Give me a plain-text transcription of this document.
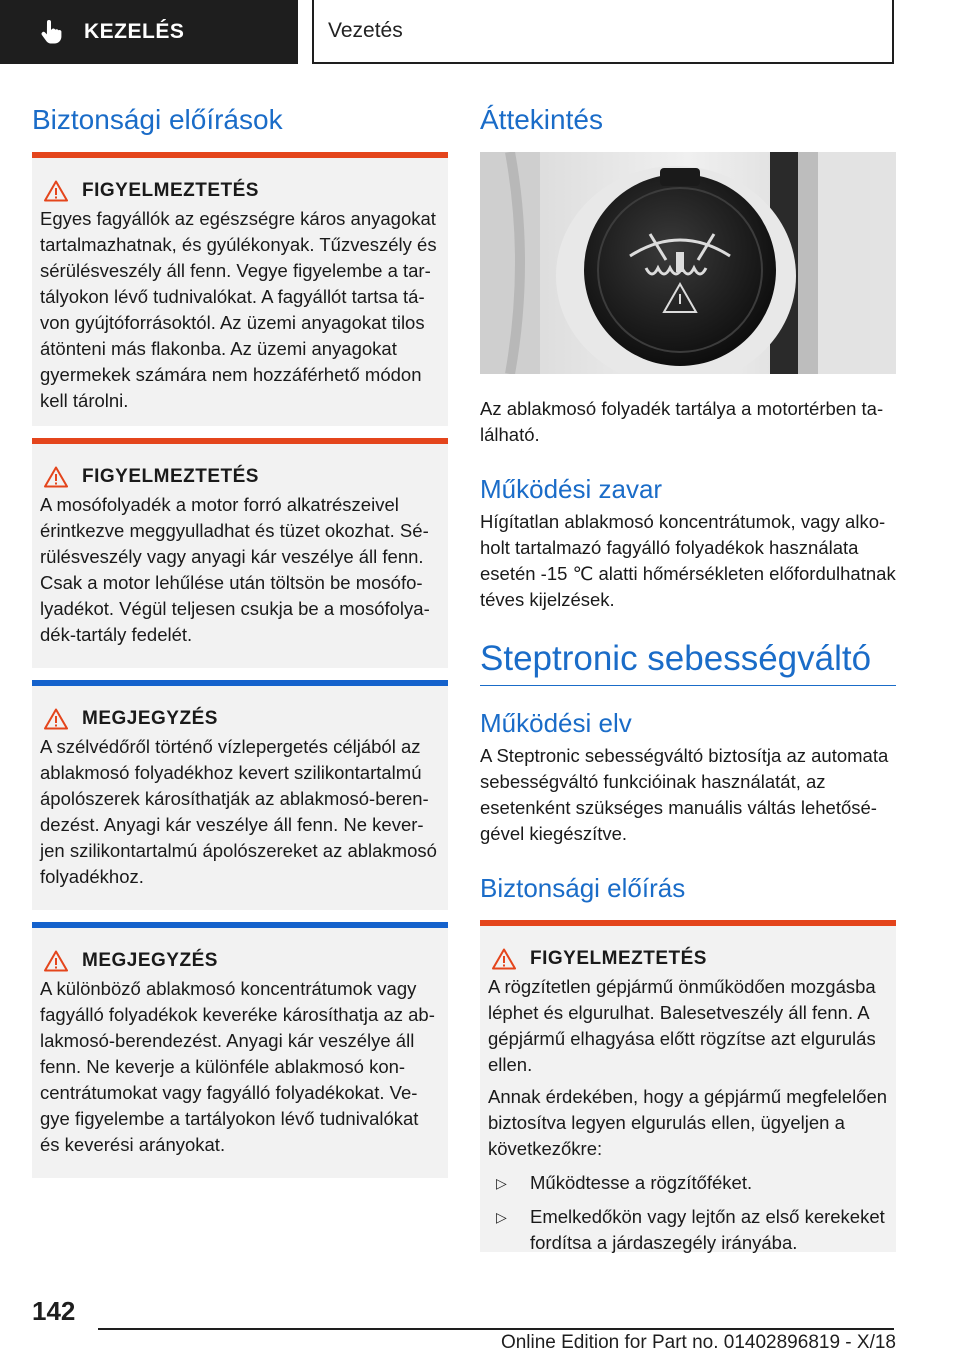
KEZELÉS	Vezetés
Biztonsági előírások
FIGYELMEZTETÉS

Egyes fagyállók az egészségre káros anyagokat tartalmazhatnak, és gyúlékonyak. Tűzveszély és sérülésveszély áll fenn. Vegye figyelembe a tartályokon lévő tudnivalókat. A fagyállót tartsa távon gyújtóforrásoktól. Az üzemi anyagokat tilos átönteni más flakonba. Az üzemi anyagokat gyermekek számára nem hozzáférhető módon kell tárolni.

FIGYELMEZTETÉS

A mosófolyadék a motor forró alkatrészeivel érintkezve meggyulladhat és tüzet okozhat. Sérülésveszély vagy anyagi kár veszélye áll fenn. Csak a motor lehűlése után töltsön be mosófolyadékot. Végül teljesen csukja be a mosófolyadék-tartály fedelét.

MEGJEGYZÉS

A szélvédőről történő vízlepergetés céljából az ablakmosó folyadékhoz kevert szilikontartalmú ápolószerek károsíthatják az ablakmosó-berendezést. Anyagi kár veszélye áll fenn. Ne keverjen szilikontartalmú ápolószereket az ablakmosó folyadékhoz.

MEGJEGYZÉS

A különböző ablakmosó koncentrátumok vagy fagyálló folyadékok keveréke károsíthatja az ablakmosó-berendezést. Anyagi kár veszélye áll fenn. Ne keverje a különféle ablakmosó koncentrátumokat vagy fagyálló folyadékokat. Vegye figyelembe a tartályokon lévő tudnivalókat és keverési arányokat.

Áttekintés

Az ablakmosó folyadék tartálya a motortérben található.

Működési zavar

Hígítatlan ablakmosó koncentrátumok, vagy alkoholt tartalmazó fagyálló folyadékok használata esetén -15 ℃ alatti hőmérsékleten előfordulhatnak téves kijelzések.

Steptronic sebességváltó
Működési elv

A Steptronic sebességváltó biztosítja az automata sebességváltó funkcióinak használatát, az esetenként szükséges manuális váltás lehetőségével kiegészítve.

Biztonsági előírás
FIGYELMEZTETÉS

A rögzítetlen gépjármű önműködően mozgásba léphet és elgurulhat. Balesetveszély áll fenn. A gépjármű elhagyása előtt rögzítse azt elgurulás ellen.

Annak érdekében, hogy a gépjármű megfelelően biztosítva legyen elgurulás ellen, ügyeljen a következőkre:

▷	Működtesse a rögzítőféket.
▷	Emelkedőkön vagy lejtőn az első kerekeket fordítsa a járdaszegély irányába.
142
Online Edition for Part no. 01402896819 - X/18
